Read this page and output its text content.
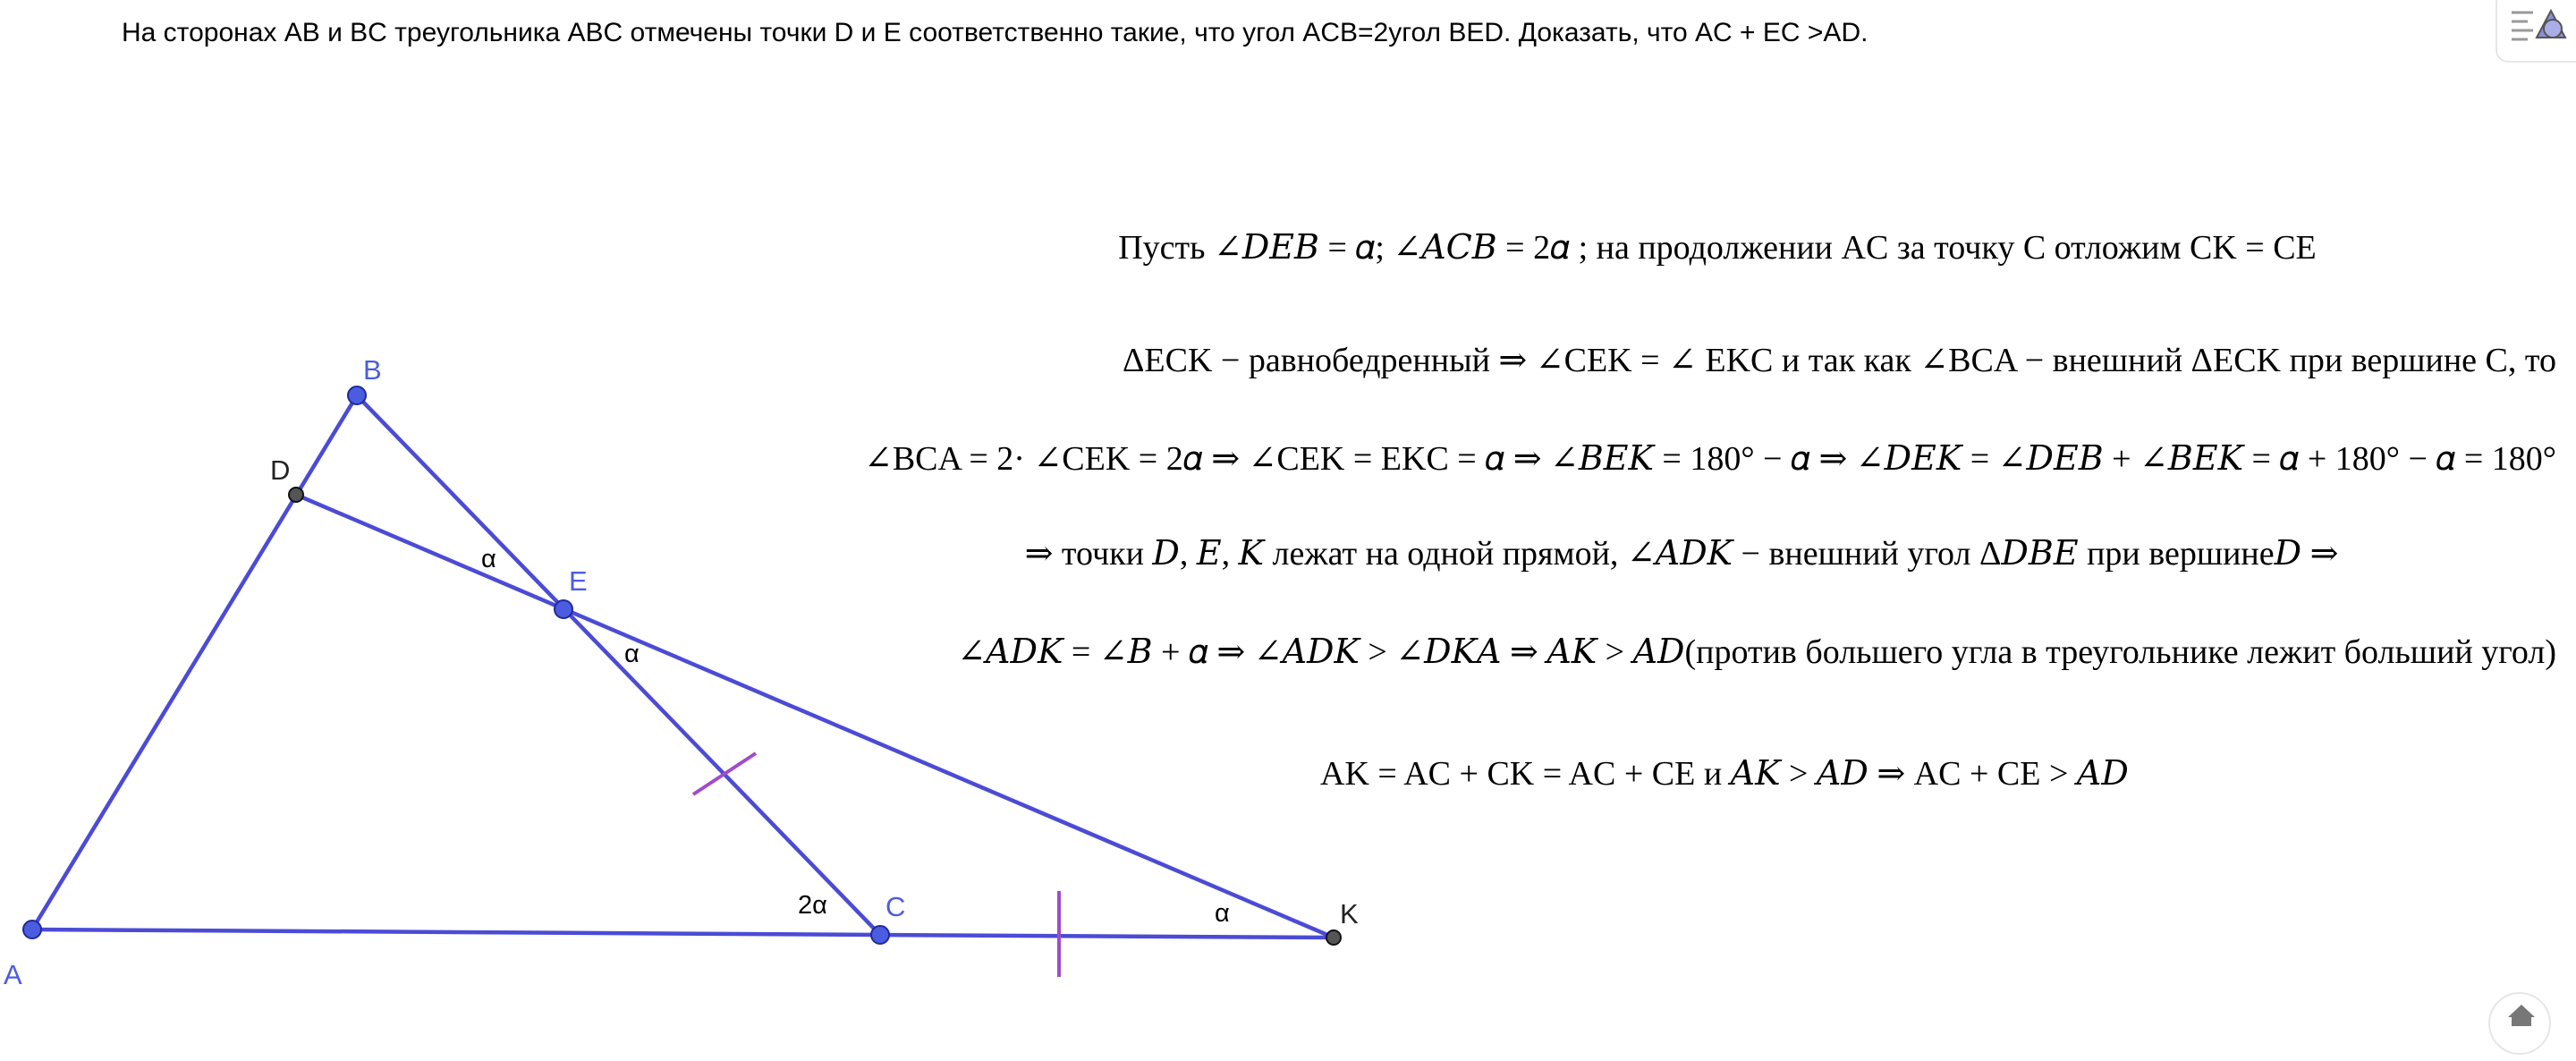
На сторонах AB и BC треугольника ABC отмечены точки D и E соответственно такие, что угол ACB=2угол BED. Доказать, что AC + EC >AD.
A
B
C
E
D
K
α
α
2α	α
Пусть ∠𝐷𝐸𝐵 = 𝛼; ∠𝐴𝐶𝐵 = 2𝛼 ; на продолжении AC за точку C отложим CK = CE
ΔECK − равнобедренный ⇒ ∠CEK = ∠ EKC и так как ∠BCA − внешний ΔECK при вершине C, то
∠BCA = 2· ∠CEK = 2𝛼 ⇒ ∠CEK = EKC = 𝛼 ⇒ ∠𝐵𝐸𝐾 = 180° − 𝛼 ⇒ ∠𝐷𝐸𝐾 = ∠𝐷𝐸𝐵 + ∠𝐵𝐸𝐾 = 𝛼 + 180° − 𝛼 = 180°
⇒ точки 𝐷, 𝐸, 𝐾 лежат на одной прямой, ∠𝐴𝐷𝐾 − внешний угол Δ𝐷𝐵𝐸 при вершине𝐷 ⇒
∠𝐴𝐷𝐾 = ∠𝐵 + 𝛼 ⇒ ∠𝐴𝐷𝐾 > ∠𝐷𝐾𝐴 ⇒ 𝐴𝐾 > 𝐴𝐷(против большего угла в треугольнике лежит больший угол)
AK = AC + CK = AC + CE и 𝐴𝐾 > 𝐴𝐷 ⇒ AC + CE > 𝐴𝐷
